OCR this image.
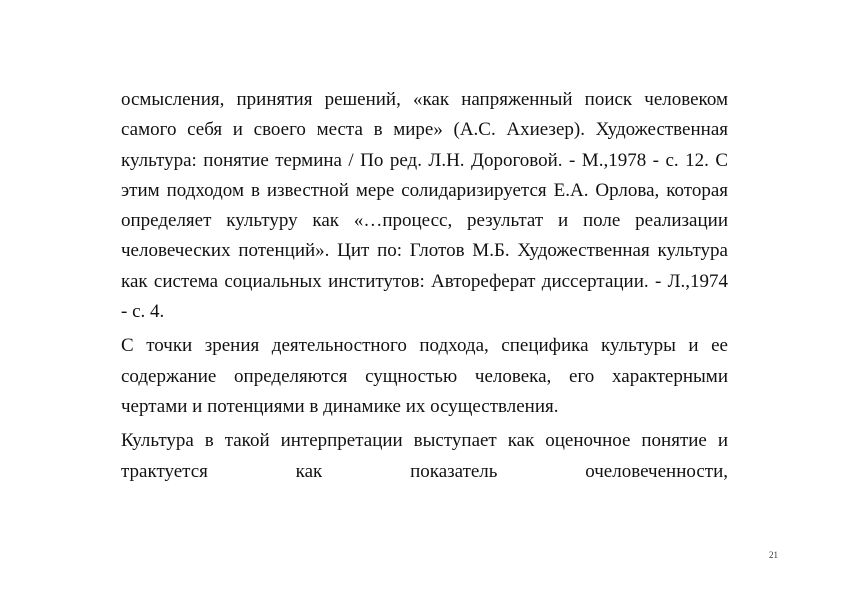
осмысления, принятия решений, «как напряженный поиск человеком самого себя и своего места в мире» (А.С. Ахиезер). Художественная культура: понятие термина / По ред. Л.Н. Дороговой. - М.,1978 - с. 12. С этим подходом в известной мере солидаризируется Е.А. Орлова, которая определяет культуру как «…процесс, результат и поле реализации человеческих потенций». Цит по: Глотов М.Б. Художественная культура как система социальных институтов: Автореферат диссертации. - Л.,1974 - с. 4.

С точки зрения деятельностного подхода, специфика культуры и ее содержание определяются сущностью человека, его характерными чертами и потенциями в динамике их осуществления.

Культура в такой интерпретации выступает как оценочное понятие и трактуется как показатель очеловеченности,

21
